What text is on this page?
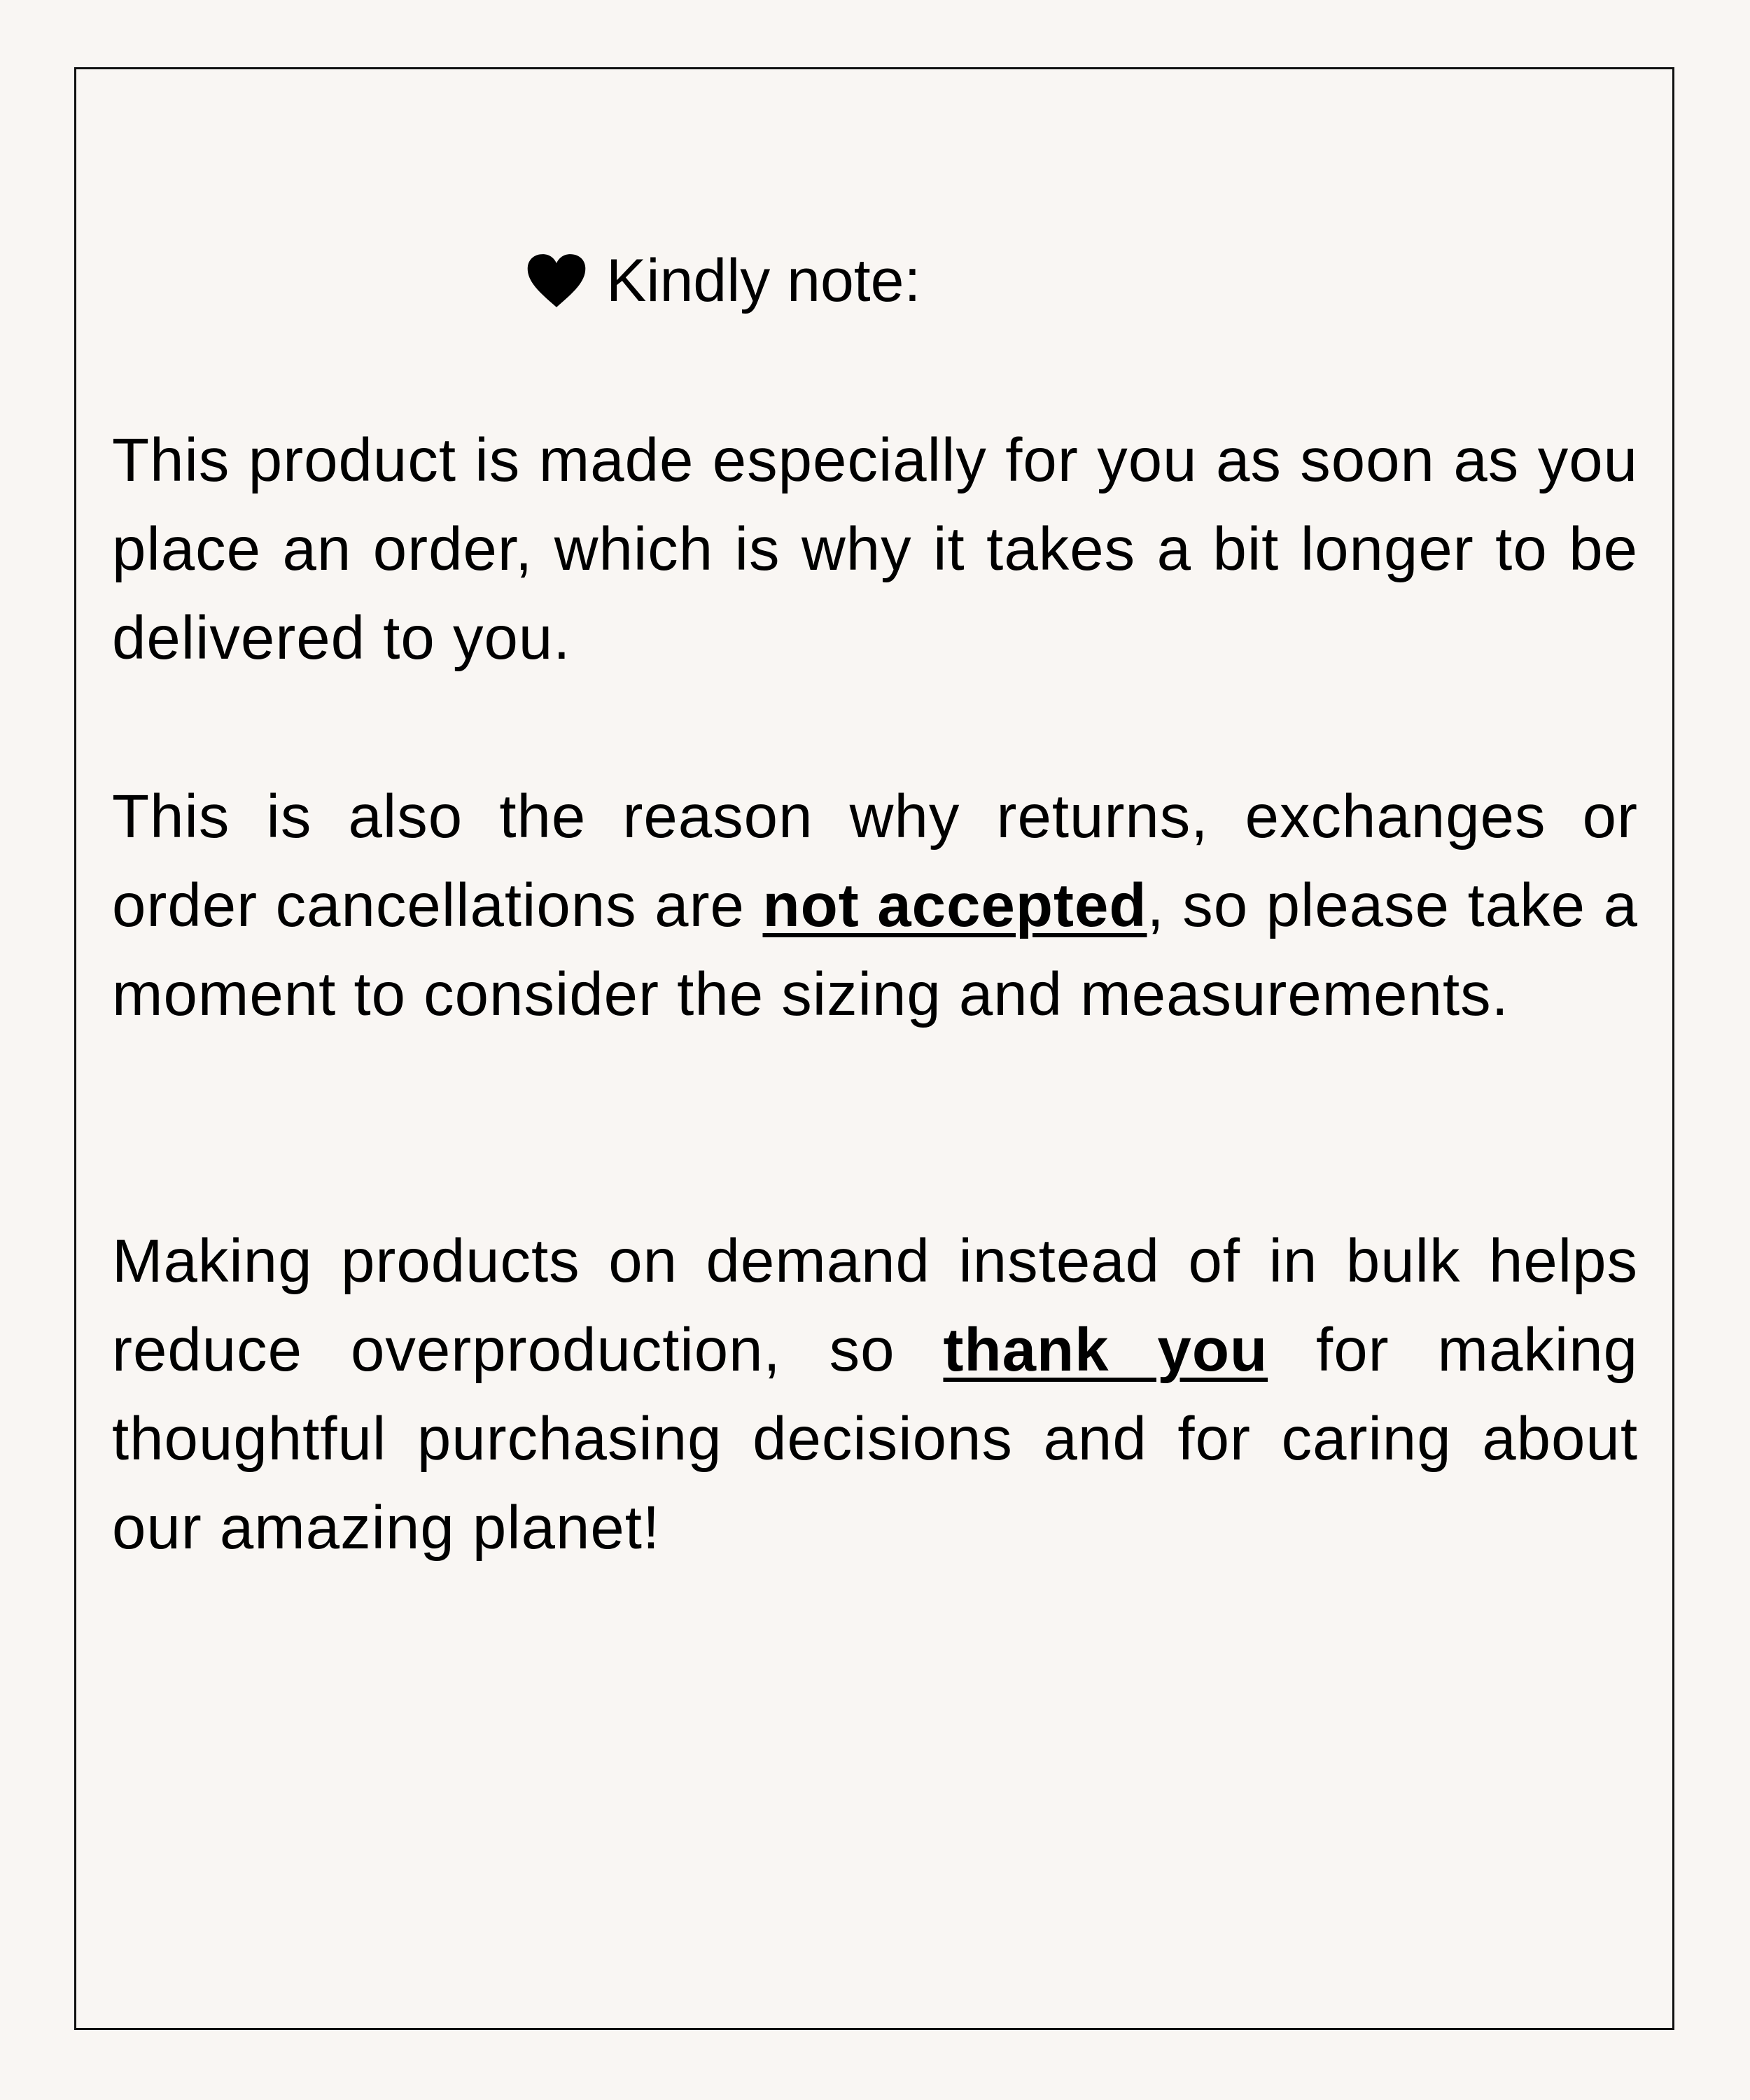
Kindly note:

This product is made especially for you as soon as you place an order, which is why it takes a bit longer to be delivered to you.

This is also the reason why returns, exchanges or order cancellations are not accepted, so please take a moment to consider the sizing and measurements.

Making products on demand instead of in bulk helps reduce overproduction, so thank you for making thoughtful purchasing decisions and for caring about our amazing planet!
